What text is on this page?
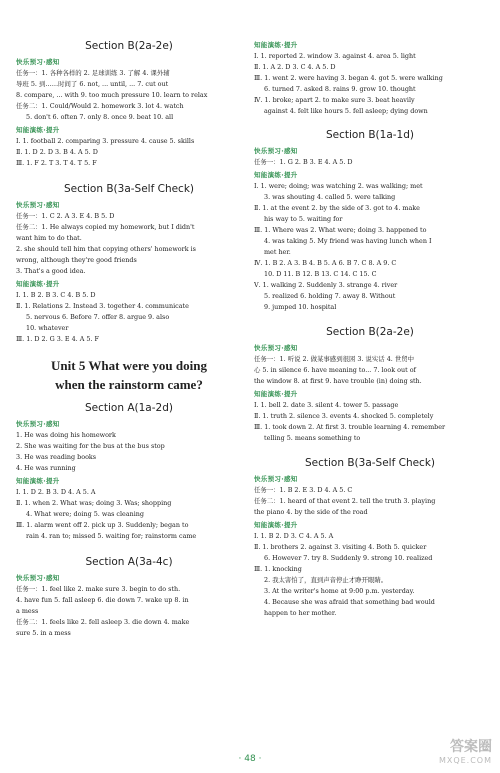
Section B(2a-2e)
快乐预习·感知
任务一：1. 各种各样的 2. 足球训练 3. 了解 4. 课外辅
导班 5. 到……时间了 6. not, ... until, ... 7. cut out
8. compare, ... with 9. too much pressure 10. learn to relax
任务二：1. Could/Would 2. homework 3. lot 4. watch
5. don't 6. often 7. only 8. once 9. beat 10. all
知能演练·提升
Ⅰ. 1. football 2. comparing 3. pressure 4. cause 5. skills
Ⅱ. 1. D 2. D 3. B 4. A 5. D
Ⅲ. 1. F 2. T 3. T 4. T 5. F
Section B(3a-Self Check)
快乐预习·感知
任务一：1. C 2. A 3. E 4. B 5. D
任务二：1. He always copied my homework, but I didn't
want him to do that.
2. she should tell him that copying others' homework is
wrong, although they're good friends
3. That's a good idea.
知能演练·提升
Ⅰ. 1. B 2. B 3. C 4. B 5. D
Ⅱ. 1. Relations 2. Instead 3. together 4. communicate
5. nervous 6. Before 7. offer 8. argue 9. also
10. whatever
Ⅲ. 1. D 2. G 3. E 4. A 5. F
Unit 5 What were you doing
when the rainstorm came?
Section A(1a-2d)
快乐预习·感知
1. He was doing his homework
2. She was waiting for the bus at the bus stop
3. He was reading books
4. He was running
知能演练·提升
Ⅰ. 1. D 2. B 3. D 4. A 5. A
Ⅱ. 1. when 2. What was; doing 3. Was; shopping
4. What were; doing 5. was cleaning
Ⅲ. 1. alarm went off 2. pick up 3. Suddenly; began to
rain 4. ran to; missed 5. waiting for; rainstorm came
Section A(3a-4c)
快乐预习·感知
任务一：1. feel like 2. make sure 3. begin to do sth.
4. have fun 5. fall asleep 6. die down 7. wake up 8. in
a mess
任务二：1. feels like 2. fell asleep 3. die down 4. make
sure 5. in a mess
知能演练·提升
Ⅰ. 1. reported 2. window 3. against 4. area 5. light
Ⅱ. 1. A 2. D 3. C 4. A 5. D
Ⅲ. 1. went 2. were having 3. began 4. got 5. were walking
6. turned 7. asked 8. rains 9. grow 10. thought
Ⅳ. 1. broke; apart 2. to make sure 3. beat heavily
against 4. felt like hours 5. fell asleep; dying down
Section B(1a-1d)
快乐预习·感知
任务一：1. G 2. B 3. E 4. A 5. D
知能演练·提升
Ⅰ. 1. were; doing; was watching 2. was walking; met
3. was shouting 4. called 5. were talking
Ⅱ. 1. at the event 2. by the side of 3. got to 4. make
his way to 5. waiting for
Ⅲ. 1. Where was 2. What were; doing 3. happened to
4. was taking 5. My friend was having lunch when I
met her.
Ⅳ. 1. B 2. A 3. B 4. B 5. A 6. B 7. C 8. A 9. C
10. D 11. B 12. B 13. C 14. C 15. C
Ⅴ. 1. walking 2. Suddenly 3. strange 4. river
5. realized 6. holding 7. away 8. Without
9. jumped 10. hospital
Section B(2a-2e)
快乐预习·感知
任务一：1. 听说 2. 做某事感到很困 3. 说实话 4. 世贸中
心 5. in silence 6. have meaning to... 7. look out of
the window 8. at first 9. have trouble (in) doing sth.
知能演练·提升
Ⅰ. 1. bell 2. date 3. silent 4. tower 5. passage
Ⅱ. 1. truth 2. silence 3. events 4. shocked 5. completely
Ⅲ. 1. took down 2. At first 3. trouble learning 4. remember
telling 5. means something to
Section B(3a-Self Check)
快乐预习·感知
任务一：1. B 2. E 3. D 4. A 5. C
任务二：1. heard of that event 2. tell the truth 3. playing
the piano 4. by the side of the road
知能演练·提升
Ⅰ. 1. B 2. D 3. C 4. A 5. A
Ⅱ. 1. brothers 2. against 3. visiting 4. Both 5. quicker
6. However 7. try 8. Suddenly 9. strong 10. realized
Ⅲ. 1. knocking
2. 我太害怕了，直到声音停止才睁开眼睛。
3. At the writer's home at 9:00 p.m. yesterday.
4. Because she was afraid that something bad would
happen to her mother.
· 48 ·
答案圈
MXQE.COM
